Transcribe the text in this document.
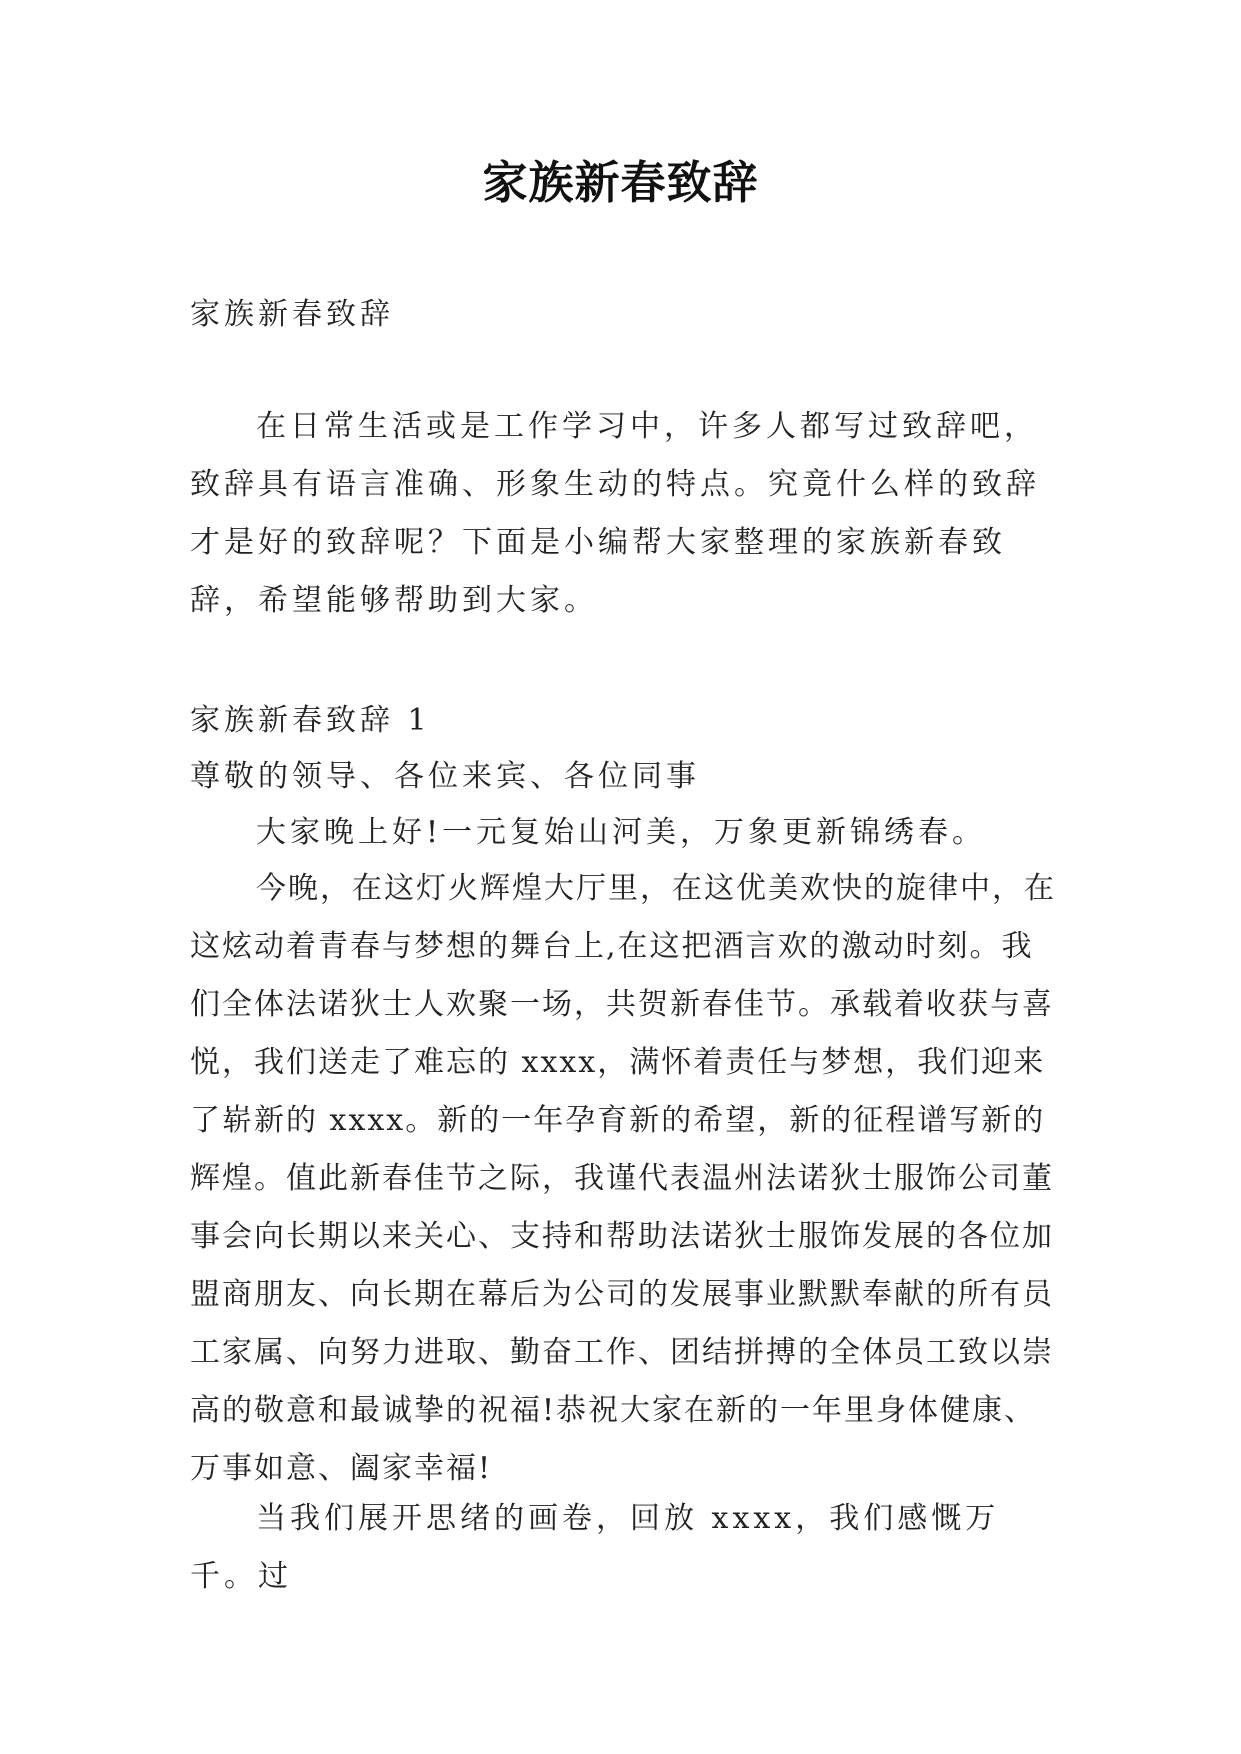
家族新春致辞

家族新春致辞

在日常生活或是工作学习中，许多人都写过致辞吧，致辞具有语言准确、形象生动的特点。究竟什么样的致辞才是好的致辞呢？下面是小编帮大家整理的家族新春致辞，希望能够帮助到大家。

家族新春致辞 1

尊敬的领导、各位来宾、各位同事

大家晚上好!一元复始山河美，万象更新锦绣春。

今晚，在这灯火辉煌大厅里，在这优美欢快的旋律中，在这炫动着青春与梦想的舞台上,在这把酒言欢的激动时刻。我们全体法诺狄士人欢聚一场，共贺新春佳节。承载着收获与喜悦，我们送走了难忘的 xxxx，满怀着责任与梦想，我们迎来了崭新的 xxxx。新的一年孕育新的希望，新的征程谱写新的辉煌。值此新春佳节之际，我谨代表温州法诺狄士服饰公司董事会向长期以来关心、支持和帮助法诺狄士服饰发展的各位加盟商朋友、向长期在幕后为公司的发展事业默默奉献的所有员工家属、向努力进取、勤奋工作、团结拼搏的全体员工致以崇高的敬意和最诚挚的祝福!恭祝大家在新的一年里身体健康、万事如意、阖家幸福!

当我们展开思绪的画卷，回放 xxxx，我们感慨万千。过
